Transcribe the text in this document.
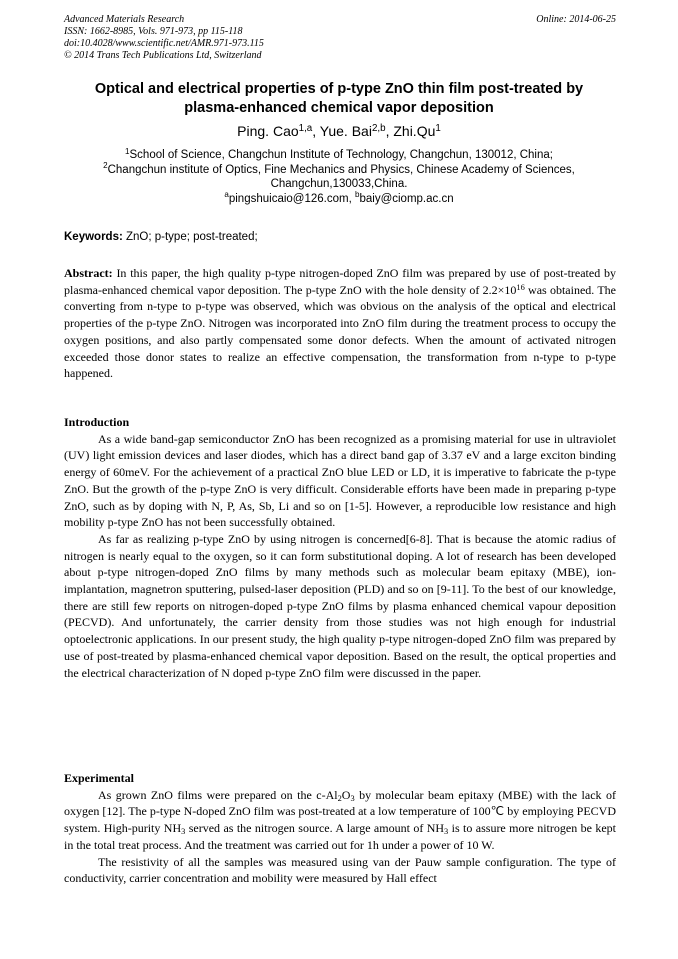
Advanced Materials Research
ISSN: 1662-8985, Vols. 971-973, pp 115-118
doi:10.4028/www.scientific.net/AMR.971-973.115
© 2014 Trans Tech Publications Ltd, Switzerland
Online: 2014-06-25
Optical and electrical properties of p-type ZnO thin film post-treated by
plasma-enhanced chemical vapor deposition
Ping. Cao$^{1,a}$, Yue. Bai$^{2,b}$, Zhi.Qu$^1$
$^1$School of Science, Changchun Institute of Technology, Changchun, 130012, China;
$^2$Changchun institute of Optics, Fine Mechanics and Physics, Chinese Academy of Sciences,
Changchun,130033,China.
$^a$pingshuicaio@126.com, $^b$baiy@ciomp.ac.cn
Keywords: ZnO; p-type; post-treated;
Abstract: In this paper, the high quality p-type nitrogen-doped ZnO film was prepared by use of post-treated by plasma-enhanced chemical vapor deposition. The p-type ZnO with the hole density of $2.2\times 10^{16}$ was obtained. The converting from n-type to p-type was observed, which was obvious on the analysis of the optical and electrical properties of the p-type ZnO. Nitrogen was incorporated into ZnO film during the treatment process to occupy the oxygen positions, and also partly compensated some donor defects. When the amount of activated nitrogen exceeded those donor states to realize an effective compensation, the transformation from n-type to p-type happened.
Introduction

As a wide band-gap semiconductor ZnO has been recognized as a promising material for use in ultraviolet (UV) light emission devices and laser diodes, which has a direct band gap of 3.37 eV and a large exciton binding energy of 60meV. For the achievement of a practical ZnO blue LED or LD, it is imperative to fabricate the p-type ZnO. But the growth of the p-type ZnO is very difficult. Considerable efforts have been made in preparing p-type ZnO, such as by doping with N, P, As, Sb, Li and so on [1-5]. However, a reproducible low resistance and high mobility p-type ZnO has not been successfully obtained.

As far as realizing p-type ZnO by using nitrogen is concerned[6-8]. That is because the atomic radius of nitrogen is nearly equal to the oxygen, so it can form substitutional doping. A lot of research has been developed about p-type nitrogen-doped ZnO films by many methods such as molecular beam epitaxy (MBE), ion-implantation, magnetron sputtering, pulsed-laser deposition (PLD) and so on [9-11]. To the best of our knowledge, there are still few reports on nitrogen-doped p-type ZnO films by plasma enhanced chemical vapour deposition (PECVD). And unfortunately, the carrier density from those studies was not high enough for industrial optoelectronic applications. In our present study, the high quality p-type nitrogen-doped ZnO film was prepared by use of post-treated by plasma-enhanced chemical vapor deposition. Based on the result, the optical properties and the electrical characterization of N doped p-type ZnO film were discussed in the paper.

Experimental

As grown ZnO films were prepared on the $c-Al_2O_3$ by molecular beam epitaxy (MBE) with the lack of oxygen [12]. The p-type N-doped ZnO film was post-treated at a low temperature of 100℃ by employing PECVD system. High-purity $NH_3$ served as the nitrogen source. A large amount of $NH_3$ is to assure more nitrogen be kept in the total treat process. And the treatment was carried out for 1h under a power of 10 W.

The resistivity of all the samples was measured using van der Pauw sample configuration. The type of conductivity, carrier concentration and mobility were measured by Hall effect
